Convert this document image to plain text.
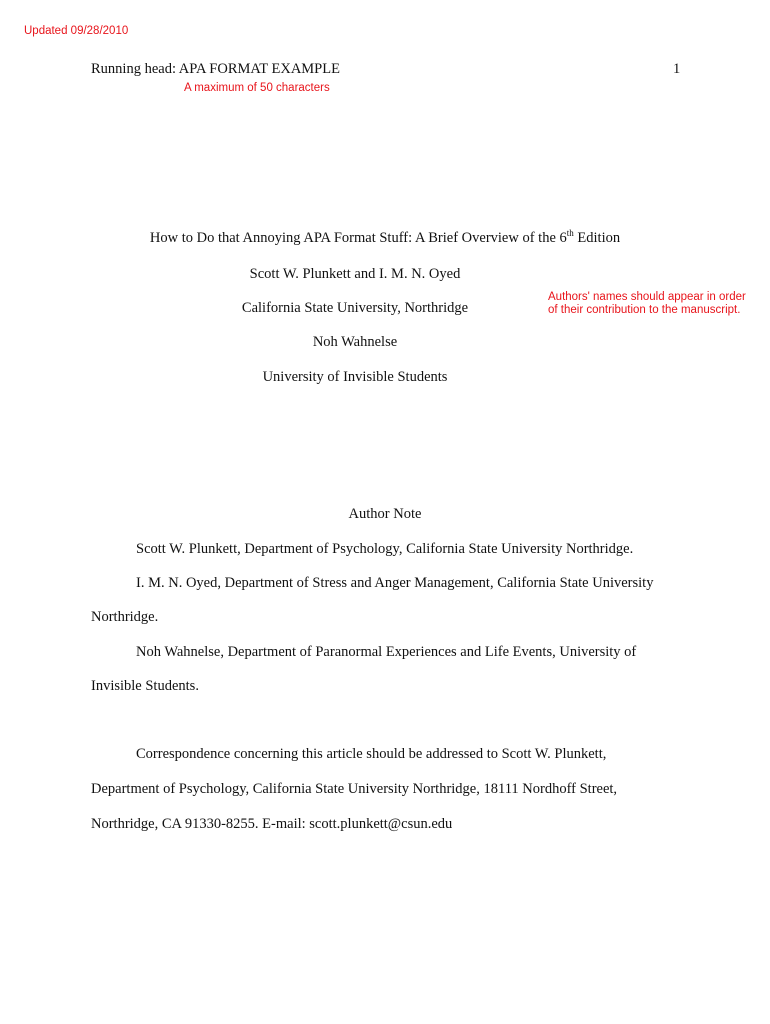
Updated 09/28/2010
Running head: APA FORMAT EXAMPLE	1
A maximum of 50 characters
How to Do that Annoying APA Format Stuff: A Brief Overview of the 6th Edition
Scott W. Plunkett and I. M. N. Oyed
California State University, Northridge
Noh Wahnelse
University of Invisible Students
Authors' names should appear in order of their contribution to the manuscript.
Author Note
Scott W. Plunkett, Department of Psychology, California State University Northridge.
I. M. N. Oyed, Department of Stress and Anger Management, California State University
Northridge.
Noh Wahnelse, Department of Paranormal Experiences and Life Events, University of
Invisible Students.
Correspondence concerning this article should be addressed to Scott W. Plunkett,
Department of Psychology, California State University Northridge, 18111 Nordhoff Street,
Northridge, CA 91330-8255. E-mail: scott.plunkett@csun.edu
